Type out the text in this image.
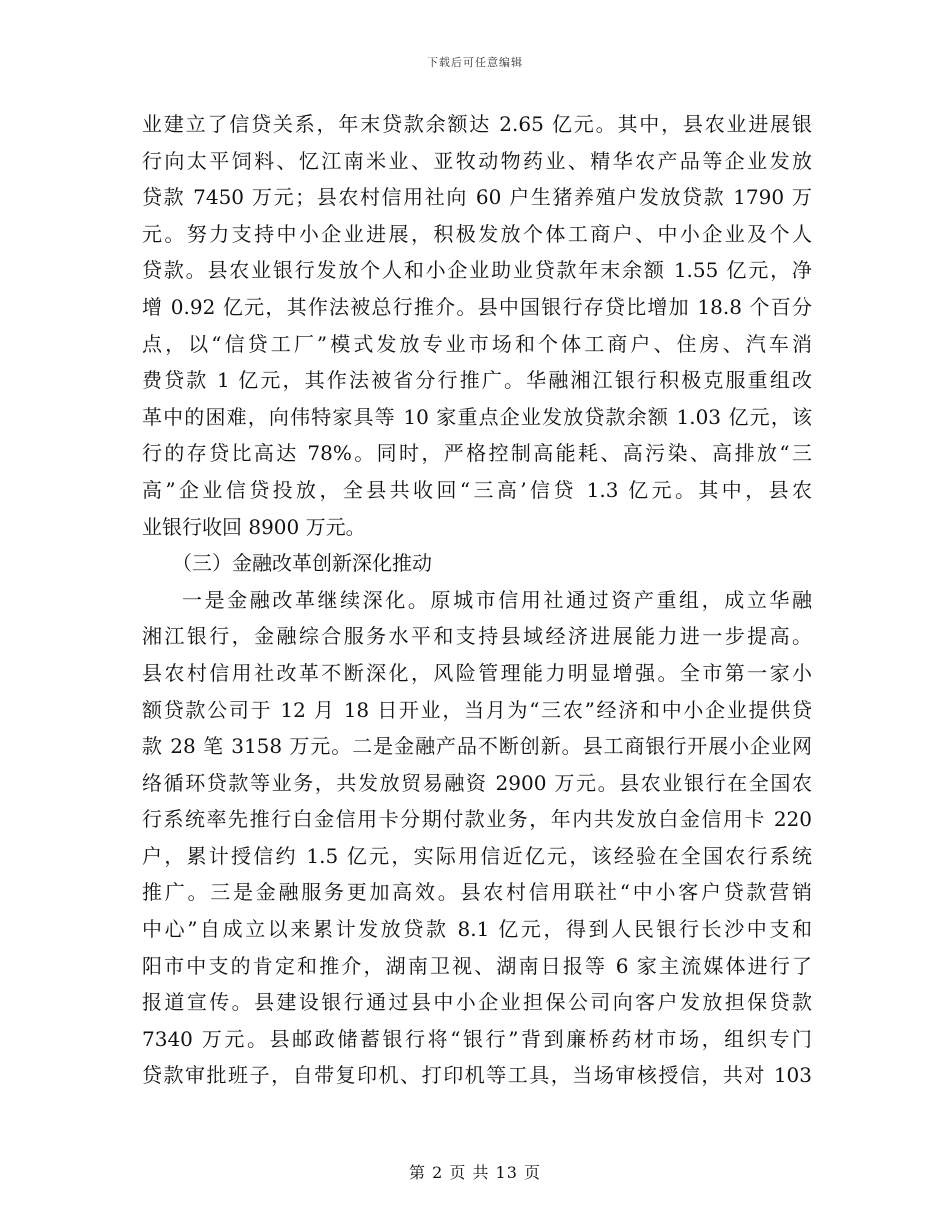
下载后可任意编辑
业建立了信贷关系，年末贷款余额达 2.65 亿元。其中，县农业进展银
行向太平饲料、忆江南米业、亚牧动物药业、精华农产品等企业发放
贷款 7450 万元；县农村信用社向 60 户生猪养殖户发放贷款 1790 万
元。努力支持中小企业进展，积极发放个体工商户、中小企业及个人
贷款。县农业银行发放个人和小企业助业贷款年末余额 1.55 亿元，净
增 0.92 亿元，其作法被总行推介。县中国银行存贷比增加 18.8 个百分
点，以“信贷工厂”模式发放专业市场和个体工商户、住房、汽车消
费贷款 1 亿元，其作法被省分行推广。华融湘江银行积极克服重组改
革中的困难，向伟特家具等 10 家重点企业发放贷款余额 1.03 亿元，该
行的存贷比高达 78%。同时，严格控制高能耗、高污染、高排放“三
高”企业信贷投放，全县共收回“三高’信贷 1.3 亿元。其中，县农
业银行收回 8900 万元。
（三）金融改革创新深化推动
一是金融改革继续深化。原城市信用社通过资产重组，成立华融
湘江银行，金融综合服务水平和支持县域经济进展能力进一步提高。
县农村信用社改革不断深化，风险管理能力明显增强。全市第一家小
额贷款公司于 12 月 18 日开业，当月为“三农”经济和中小企业提供贷
款 28 笔 3158 万元。二是金融产品不断创新。县工商银行开展小企业网
络循环贷款等业务，共发放贸易融资 2900 万元。县农业银行在全国农
行系统率先推行白金信用卡分期付款业务，年内共发放白金信用卡 220
户，累计授信约 1.5 亿元，实际用信近亿元，该经验在全国农行系统
推广。三是金融服务更加高效。县农村信用联社“中小客户贷款营销
中心”自成立以来累计发放贷款 8.1 亿元，得到人民银行长沙中支和
阳市中支的肯定和推介，湖南卫视、湖南日报等 6 家主流媒体进行了
报道宣传。县建设银行通过县中小企业担保公司向客户发放担保贷款
7340 万元。县邮政储蓄银行将“银行”背到廉桥药材市场，组织专门
贷款审批班子，自带复印机、打印机等工具，当场审核授信，共对 103
第 2 页 共 13 页
